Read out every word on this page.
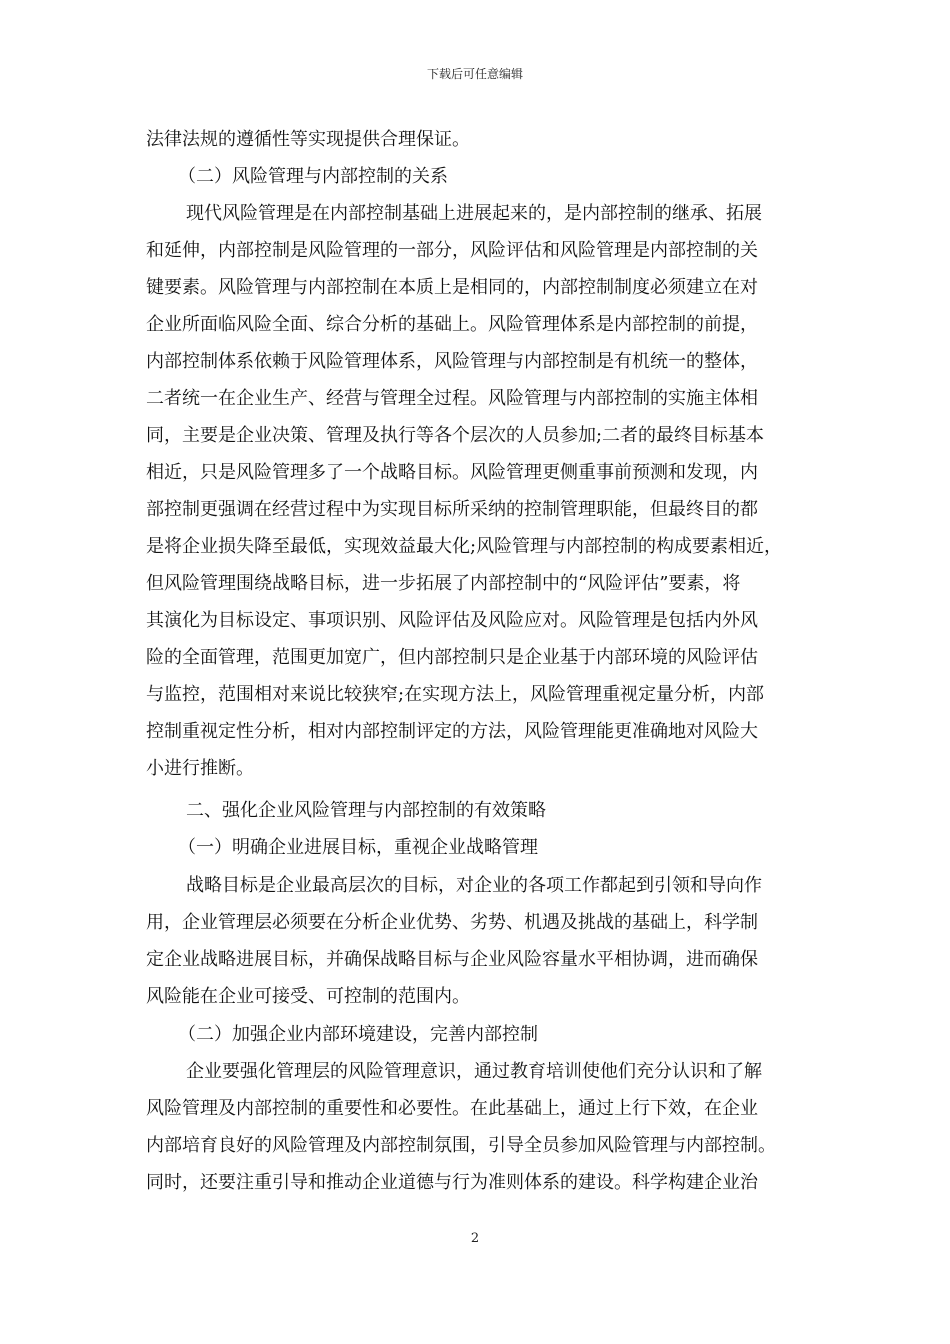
下载后可任意编辑
法律法规的遵循性等实现提供合理保证。
（二）风险管理与内部控制的关系
现代风险管理是在内部控制基础上进展起来的，是内部控制的继承、拓展
和延伸，内部控制是风险管理的一部分，风险评估和风险管理是内部控制的关
键要素。风险管理与内部控制在本质上是相同的，内部控制制度必须建立在对
企业所面临风险全面、综合分析的基础上。风险管理体系是内部控制的前提，
内部控制体系依赖于风险管理体系，风险管理与内部控制是有机统一的整体，
二者统一在企业生产、经营与管理全过程。风险管理与内部控制的实施主体相
同，主要是企业决策、管理及执行等各个层次的人员参加;二者的最终目标基本
相近，只是风险管理多了一个战略目标。风险管理更侧重事前预测和发现，内
部控制更强调在经营过程中为实现目标所采纳的控制管理职能，但最终目的都
是将企业损失降至最低，实现效益最大化;风险管理与内部控制的构成要素相近，
但风险管理围绕战略目标，进一步拓展了内部控制中的“风险评估”要素，将
其演化为目标设定、事项识别、风险评估及风险应对。风险管理是包括内外风
险的全面管理，范围更加宽广，但内部控制只是企业基于内部环境的风险评估
与监控，范围相对来说比较狭窄;在实现方法上，风险管理重视定量分析，内部
控制重视定性分析，相对内部控制评定的方法，风险管理能更准确地对风险大
小进行推断。
二、强化企业风险管理与内部控制的有效策略
（一）明确企业进展目标，重视企业战略管理
战略目标是企业最高层次的目标，对企业的各项工作都起到引领和导向作
用，企业管理层必须要在分析企业优势、劣势、机遇及挑战的基础上，科学制
定企业战略进展目标，并确保战略目标与企业风险容量水平相协调，进而确保
风险能在企业可接受、可控制的范围内。
（二）加强企业内部环境建设，完善内部控制
企业要强化管理层的风险管理意识，通过教育培训使他们充分认识和了解
风险管理及内部控制的重要性和必要性。在此基础上，通过上行下效，在企业
内部培育良好的风险管理及内部控制氛围，引导全员参加风险管理与内部控制。
同时，还要注重引导和推动企业道德与行为准则体系的建设。科学构建企业治
2
